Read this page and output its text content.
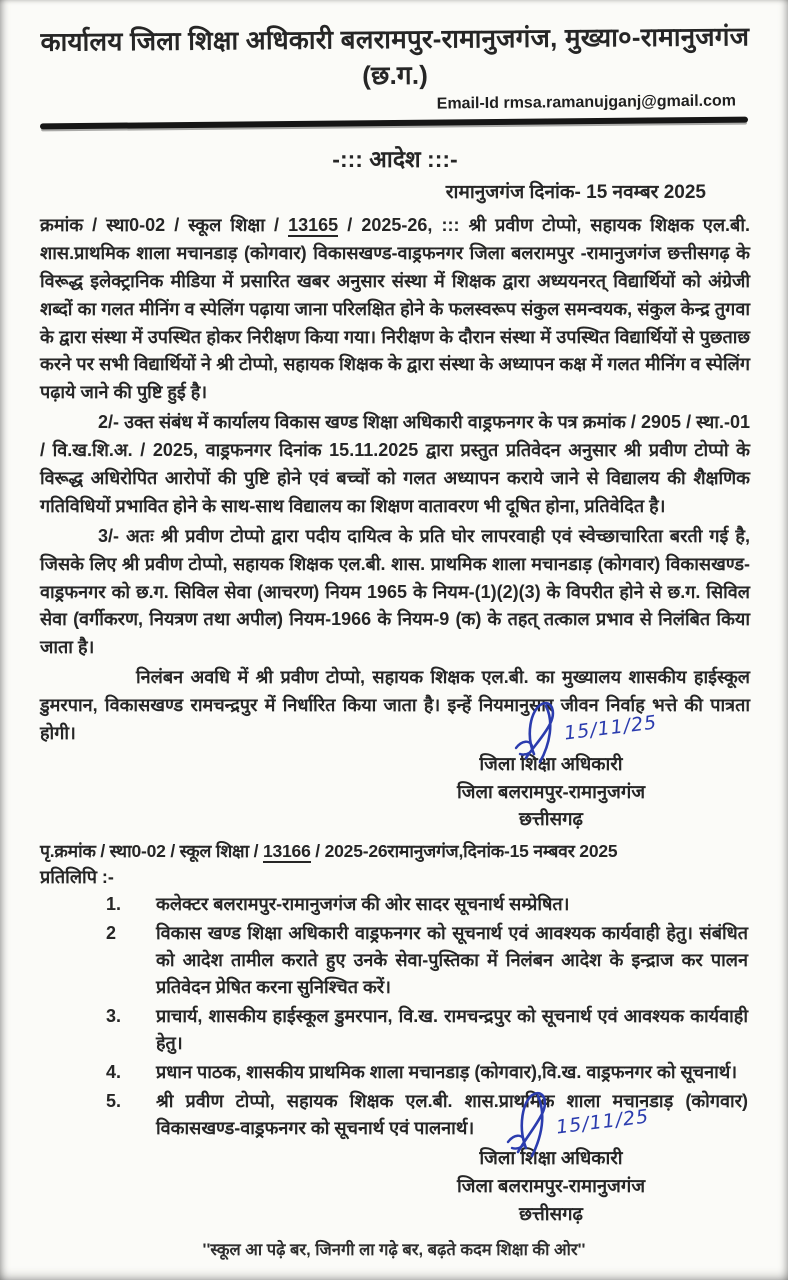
कार्यालय जिला शिक्षा अधिकारी बलरामपुर-रामानुजगंज, मुख्या०-रामानुजगंज (छ.ग.)
Email-Id rmsa.ramanujganj@gmail.com
-::: आदेश :::-
रामानुजगंज दिनांक- 15 नवम्बर 2025

क्रमांक / स्था0-02 / स्कूल शिक्षा / 13165 / 2025-26, ::: श्री प्रवीण टोप्पो, सहायक शिक्षक एल.बी. शास.प्राथमिक शाला मचानडाड़ (कोगवार) विकासखण्ड-वाड्रफनगर जिला बलरामपुर -रामानुजगंज छत्तीसगढ़ के विरूद्ध इलेक्ट्रानिक मीडिया में प्रसारित खबर अनुसार संस्था में शिक्षक द्वारा अध्ययनरत् विद्यार्थियों को अंग्रेजी शब्दों का गलत मीनिंग व स्पेलिंग पढ़ाया जाना परिलक्षित होने के फलस्वरूप संकुल समन्वयक, संकुल केन्द्र तुगवा के द्वारा संस्था में उपस्थित होकर निरीक्षण किया गया। निरीक्षण के दौरान संस्था में उपस्थित विद्यार्थियों से पुछताछ करने पर सभी विद्यार्थियों ने श्री टोप्पो, सहायक शिक्षक के द्वारा संस्था के अध्यापन कक्ष में गलत मीनिंग व स्पेलिंग पढ़ाये जाने की पुष्टि हुई है।

2/- उक्त संबंध में कार्यालय विकास खण्ड शिक्षा अधिकारी वाड्रफनगर के पत्र क्रमांक / 2905 / स्था.-01 / वि.ख.शि.अ. / 2025, वाड्रफनगर दिनांक 15.11.2025 द्वारा प्रस्तुत प्रतिवेदन अनुसार श्री प्रवीण टोप्पो के विरूद्ध अधिरोपित आरोपों की पुष्टि होने एवं बच्चों को गलत अध्यापन कराये जाने से विद्यालय की शैक्षणिक गतिविधियों प्रभावित होने के साथ-साथ विद्यालय का शिक्षण वातावरण भी दूषित होना, प्रतिवेदित है।

3/- अतः श्री प्रवीण टोप्पो द्वारा पदीय दायित्व के प्रति घोर लापरवाही एवं स्वेच्छाचारिता बरती गई है, जिसके लिए श्री प्रवीण टोप्पो, सहायक शिक्षक एल.बी. शास. प्राथमिक शाला मचानडाड़ (कोगवार) विकासखण्ड-वाड्रफनगर को छ.ग. सिविल सेवा (आचरण) नियम 1965 के नियम-(1)(2)(3) के विपरीत होने से छ.ग. सिविल सेवा (वर्गीकरण, नियत्रण तथा अपील) नियम-1966 के नियम-9 (क) के तहत् तत्काल प्रभाव से निलंबित किया जाता है।

निलंबन अवधि में श्री प्रवीण टोप्पो, सहायक शिक्षक एल.बी. का मुख्यालय शासकीय हाईस्कूल डुमरपान, विकासखण्ड रामचन्द्रपुर में निर्धारित किया जाता है। इन्हें नियमानुसार जीवन निर्वाह भत्ते की पात्रता होगी।	15/11/25
जिला शिक्षा अधिकारी
जिला बलरामपुर-रामानुजगंज
छत्तीसगढ़
पृ.क्रमांक / स्था0-02 / स्कूल शिक्षा / 13166 / 2025-26रामानुजगंज,दिनांक-15 नम्बवर 2025
प्रतिलिपि :-
1.	कलेक्टर बलरामपुर-रामानुजगंज की ओर सादर सूचनार्थ सम्प्रेषित।
2	विकास खण्ड शिक्षा अधिकारी वाड्रफनगर को सूचनार्थ एवं आवश्यक कार्यवाही हेतु। संबंधित को आदेश तामील कराते हुए उनके सेवा-पुस्तिका में निलंबन आदेश के इन्द्राज कर पालन प्रतिवेदन प्रेषित करना सुनिश्चित करें।
3.	प्राचार्य, शासकीय हाईस्कूल डुमरपान, वि.ख. रामचन्द्रपुर को सूचनार्थ एवं आवश्यक कार्यवाही हेतु।
4.	प्रधान पाठक, शासकीय प्राथमिक शाला मचानडाड़ (कोगवार),वि.ख. वाड्रफनगर को सूचनार्थ।
5.	श्री प्रवीण टोप्पो, सहायक शिक्षक एल.बी. शास.प्राथमिक शाला मचानडाड़ (कोगवार) विकासखण्ड-वाड्रफनगर को सूचनार्थ एवं पालनार्थ।	15/11/25
जिला शिक्षा अधिकारी
जिला बलरामपुर-रामानुजगंज
छत्तीसगढ़
''स्कूल आ पढ़े बर, जिनगी ला गढ़े बर, बढ़ते कदम शिक्षा की ओर''
